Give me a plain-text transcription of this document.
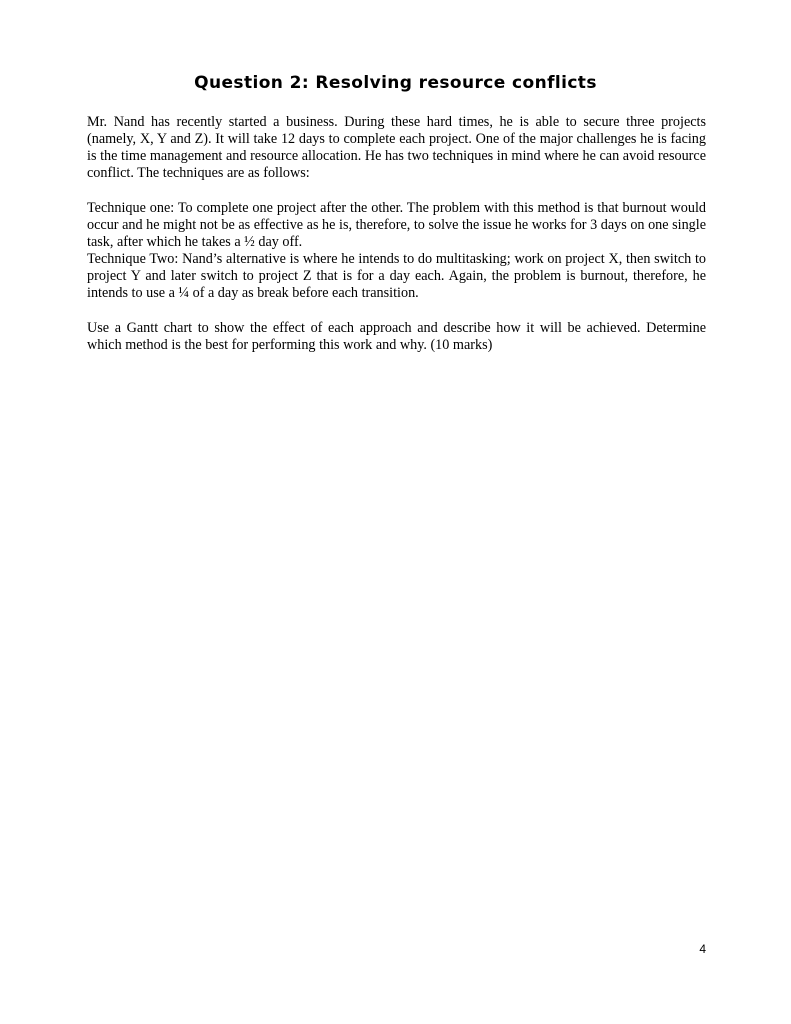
Question 2: Resolving resource conflicts

Mr. Nand has recently started a business. During these hard times, he is able to secure three projects (namely, X, Y and Z). It will take 12 days to complete each project. One of the major challenges he is facing is the time management and resource allocation. He has two techniques in mind where he can avoid resource conflict. The techniques are as follows:

Technique one: To complete one project after the other. The problem with this method is that burnout would occur and he might not be as effective as he is, therefore, to solve the issue he works for 3 days on one single task, after which he takes a ½ day off.

Technique Two: Nand’s alternative is where he intends to do multitasking; work on project X, then switch to project Y and later switch to project Z that is for a day each. Again, the problem is burnout, therefore, he intends to use a ¼ of a day as break before each transition.

Use a Gantt chart to show the effect of each approach and describe how it will be achieved. Determine which method is the best for performing this work and why. (10 marks)

4
